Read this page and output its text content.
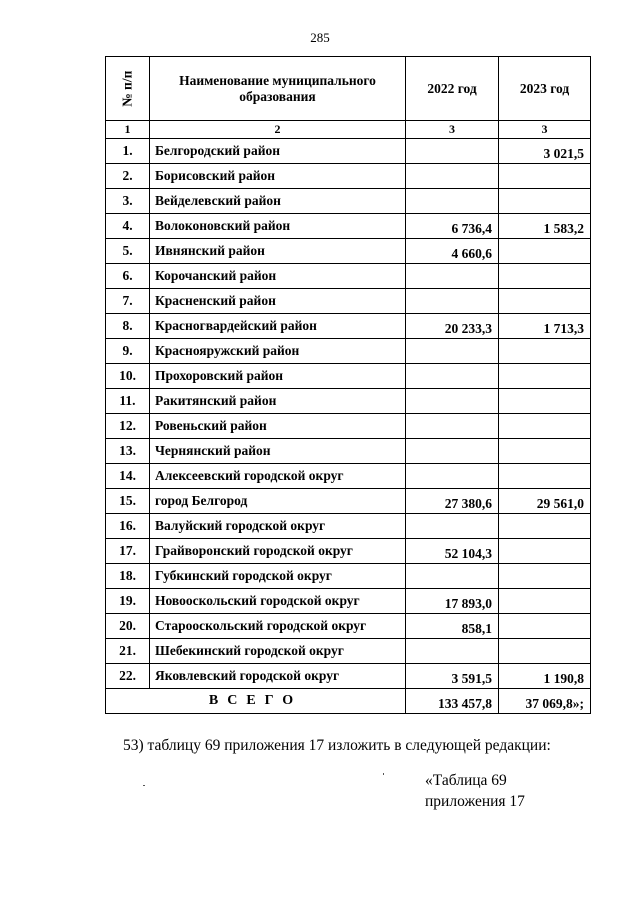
285
№ п/п	Наименование муниципального образования	2022 год	2023 год
1	2	3	3
1.	Белгородский район		3 021,5
2.	Борисовский район		
3.	Вейделевский район		
4.	Волоконовский район	6 736,4	1 583,2
5.	Ивнянский район	4 660,6	
6.	Корочанский район		
7.	Красненский район		
8.	Красногвардейский район	20 233,3	1 713,3
9.	Краснояружский район		
10.	Прохоровский район		
11.	Ракитянский район		
12.	Ровеньский район		
13.	Чернянский район		
14.	Алексеевский городской округ		
15.	город Белгород	27 380,6	29 561,0
16.	Валуйский городской округ		
17.	Грайворонский городской округ	52 104,3	
18.	Губкинский городской округ		
19.	Новооскольский городской округ	17 893,0	
20.	Старооскольский городской округ	858,1	
21.	Шебекинский городской округ		
22.	Яковлевский городской округ	3 591,5	1 190,8
ВСЕГО		133 457,8	37 069,8»;
53) таблицу 69 приложения 17 изложить в следующей редакции:
«Таблица 69
приложения 17
